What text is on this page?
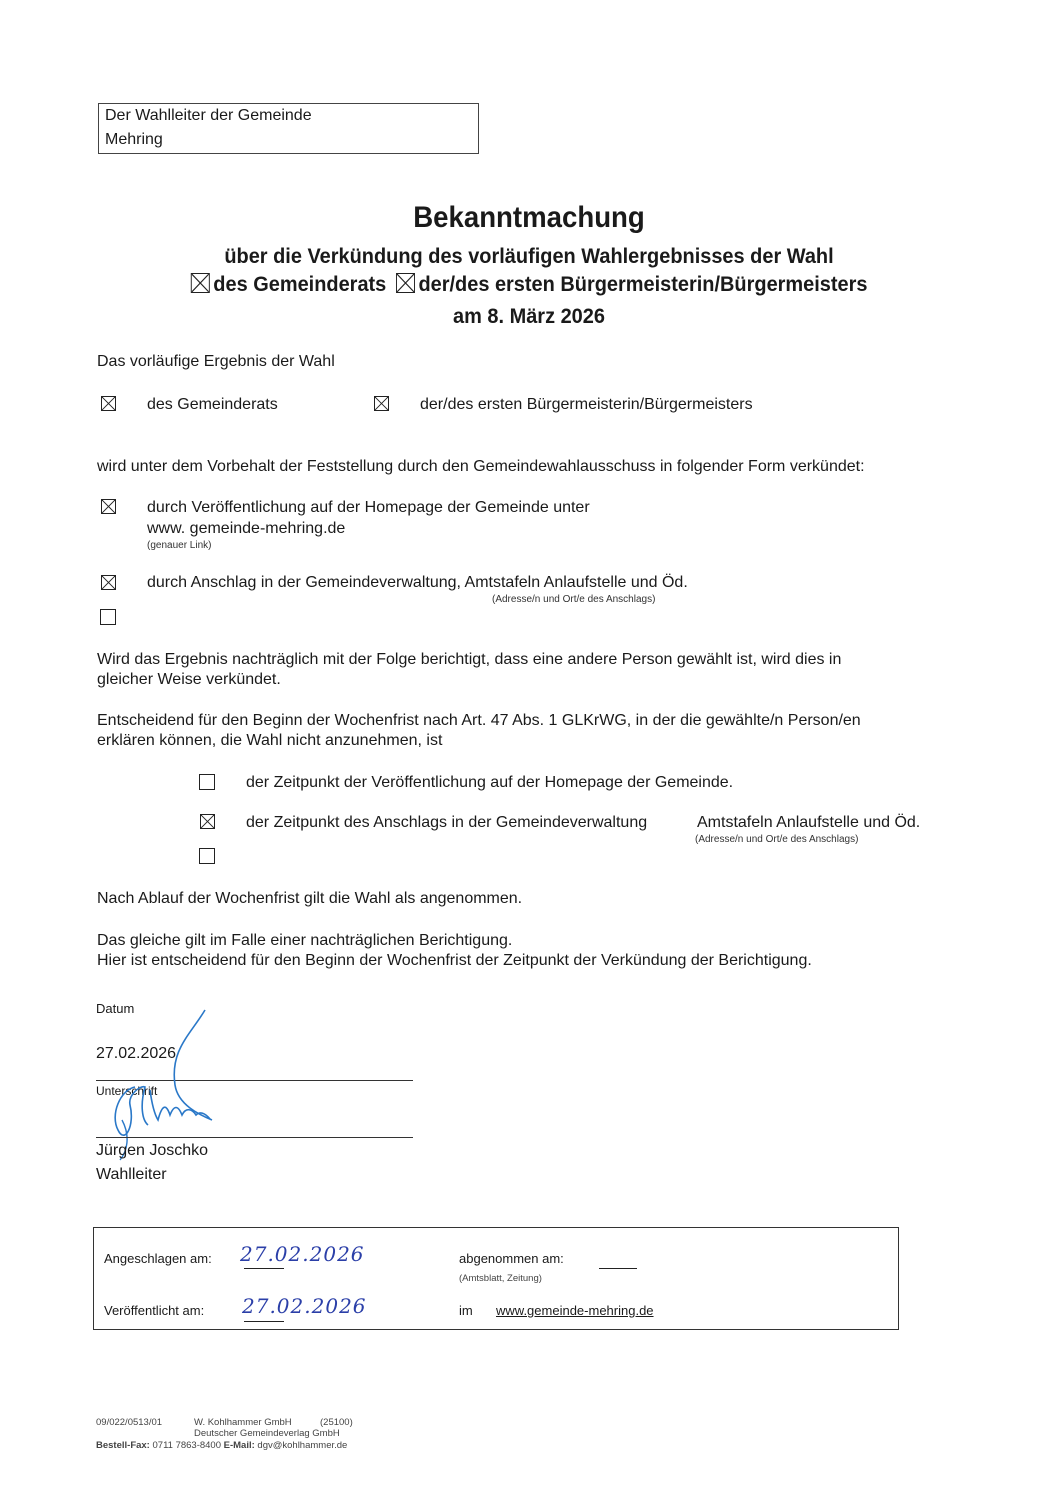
Der Wahlleiter der Gemeinde
Mehring
Bekanntmachung
über die Verkündung des vorläufigen Wahlergebnisses der Wahl
des Gemeinderats der/des ersten Bürgermeisterin/Bürgermeisters
am 8. März 2026
Das vorläufige Ergebnis der Wahl
des Gemeinderats	der/des ersten Bürgermeisterin/Bürgermeisters
wird unter dem Vorbehalt der Feststellung durch den Gemeindewahlausschuss in folgender Form verkündet:
durch Veröffentlichung auf der Homepage der Gemeinde unter
www. gemeinde-mehring.de
(genauer Link)
durch Anschlag in der Gemeindeverwaltung, Amtstafeln Anlaufstelle und Öd.
(Adresse/n und Ort/e des Anschlags)
Wird das Ergebnis nachträglich mit der Folge berichtigt, dass eine andere Person gewählt ist, wird dies in
gleicher Weise verkündet.
Entscheidend für den Beginn der Wochenfrist nach Art. 47 Abs. 1 GLKrWG, in der die gewählte/n Person/en
erklären können, die Wahl nicht anzunehmen, ist
der Zeitpunkt der Veröffentlichung auf der Homepage der Gemeinde.
der Zeitpunkt des Anschlags in der Gemeindeverwaltung	Amtstafeln Anlaufstelle und Öd.
(Adresse/n und Ort/e des Anschlags)
Nach Ablauf der Wochenfrist gilt die Wahl als angenommen.
Das gleiche gilt im Falle einer nachträglichen Berichtigung.
Hier ist entscheidend für den Beginn der Wochenfrist der Zeitpunkt der Verkündung der Berichtigung.
Datum
27.02.2026
Unterschrift
Jürgen Joschko
Wahlleiter
Angeschlagen am: 27.02.2026	abgenommen am:
(Amtsblatt, Zeitung)
Veröffentlicht am: 27.02.2026	im www.gemeinde-mehring.de
09/022/0513/01	W. Kohlhammer GmbH	(25100)
Deutscher Gemeindeverlag GmbH
Bestell-Fax: 0711 7863-8400 E-Mail: dgv@kohlhammer.de
